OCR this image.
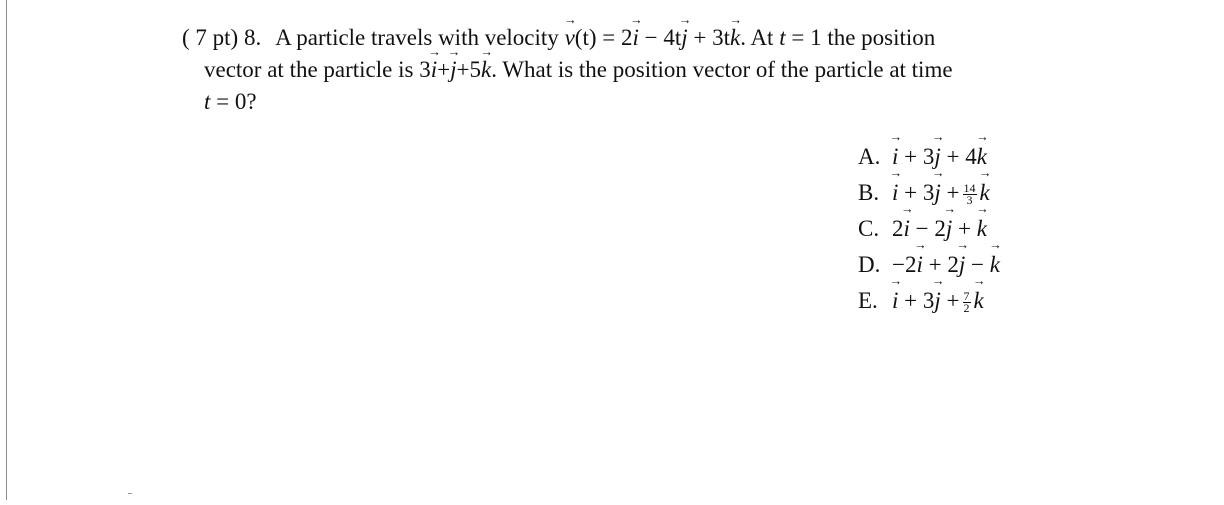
( 7 pt) 8. A particle travels with velocity → v(t) = 2→ i − 4t→ j + 3t→ k. At t = 1 the position
vector at the particle is 3→ i+→ j+5→ k. What is the position vector of the particle at time
t = 0?
A.→ i + 3→ j + 4→ k
$B.\to i + 3\to j + \frac{14}{3}$
→ k
C. 2→ i − 2→ j + → k
D. −2→ i + 2→ j − → k
$E.\to i + 3\to j + \frac{7}{2}$
→ k
